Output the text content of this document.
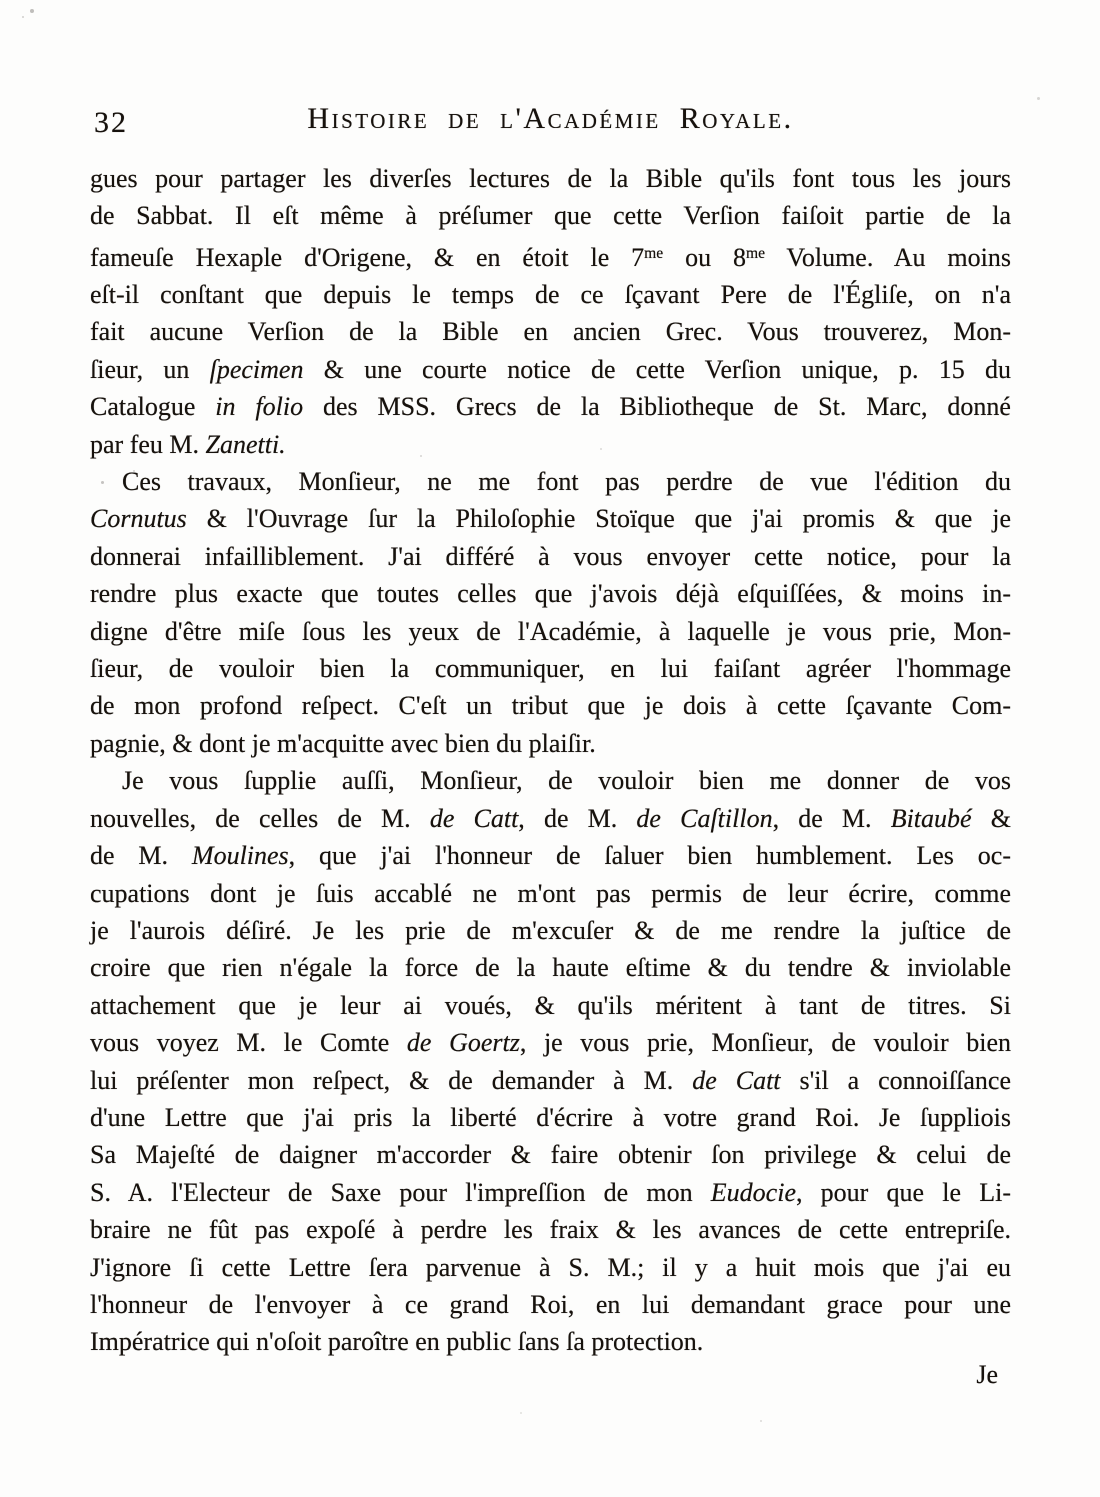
32	Histoire de l'Académie Royale.
gues pour partager les diverſes lectures de la Bible qu'ils font tous les jours
de Sabbat. Il eſt même à préſumer que cette Verſion faiſoit partie de la
fameuſe Hexaple d'Origene, & en étoit le $7^{me}$ ou $8^{me}$ Volume. Au moins
eſt-il conſtant que depuis le temps de ce ſçavant Pere de l'Égliſe, on n'a
fait aucune Verſion de la Bible en ancien Grec. Vous trouverez, Mon-
ſieur, un ſpecimen & une courte notice de cette Verſion unique, p. 15 du
Catalogue in folio des MSS. Grecs de la Bibliotheque de St. Marc, donné
par feu M. Zanetti.
Ces travaux, Monſieur, ne me font pas perdre de vue l'édition du
Cornutus & l'Ouvrage ſur la Philoſophie Stoïque que j'ai promis & que je
donnerai infailliblement. J'ai différé à vous envoyer cette notice, pour la
rendre plus exacte que toutes celles que j'avois déjà eſquiſſées, & moins in-
digne d'être miſe ſous les yeux de l'Académie, à laquelle je vous prie, Mon-
ſieur, de vouloir bien la communiquer, en lui faiſant agréer l'hommage
de mon profond reſpect. C'eſt un tribut que je dois à cette ſçavante Com-
pagnie, & dont je m'acquitte avec bien du plaiſir.
Je vous ſupplie auſſi, Monſieur, de vouloir bien me donner de vos
nouvelles, de celles de M. de Catt, de M. de Caſtillon, de M. Bitaubé &
de M. Moulines, que j'ai l'honneur de ſaluer bien humblement. Les oc-
cupations dont je ſuis accablé ne m'ont pas permis de leur écrire, comme
je l'aurois déſiré. Je les prie de m'excuſer & de me rendre la juſtice de
croire que rien n'égale la force de la haute eſtime & du tendre & inviolable
attachement que je leur ai voués, & qu'ils méritent à tant de titres. Si
vous voyez M. le Comte de Goertz, je vous prie, Monſieur, de vouloir bien
lui préſenter mon reſpect, & de demander à M. de Catt s'il a connoiſſance
d'une Lettre que j'ai pris la liberté d'écrire à votre grand Roi. Je ſuppliois
Sa Majeſté de daigner m'accorder & faire obtenir ſon privilege & celui de
S. A. l'Electeur de Saxe pour l'impreſſion de mon Eudocie, pour que le Li-
braire ne fût pas expoſé à perdre les fraix & les avances de cette entrepriſe.
J'ignore ſi cette Lettre ſera parvenue à S. M.; il y a huit mois que j'ai eu
l'honneur de l'envoyer à ce grand Roi, en lui demandant grace pour une
Impératrice qui n'oſoit paroître en public ſans ſa protection.
Je
